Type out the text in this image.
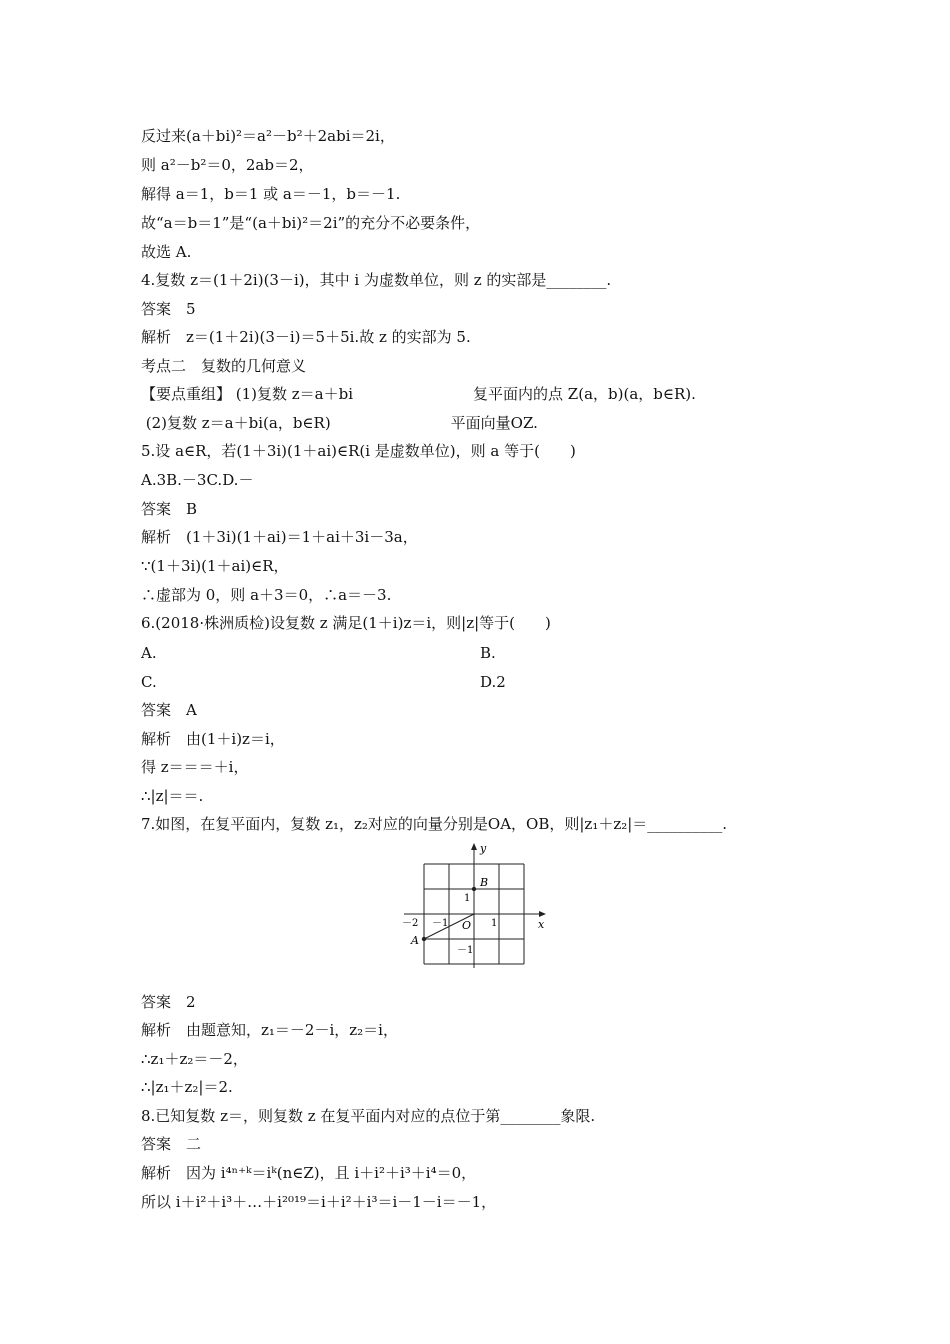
反过来(a＋bi)²＝a²－b²＋2abi＝2i，
则 a²－b²＝0，2ab＝2，
解得 a＝1，b＝1 或 a＝－1，b＝－1.
故“a＝b＝1”是“(a＋bi)²＝2i”的充分不必要条件，
故选 A.
4.复数 z＝(1＋2i)(3－i)，其中 i 为虚数单位，则 z 的实部是________.
答案　5
解析　z＝(1＋2i)(3－i)＝5＋5i.故 z 的实部为 5.
考点二　复数的几何意义
【要点重组】 (1)复数 z＝a＋bi　　　　　　　　复平面内的点 Z(a，b)(a，b∈R).
(2)复数 z＝a＋bi(a，b∈R)　　　　　　　　平面向量OZ.
5.设 a∈R，若(1＋3i)(1＋ai)∈R(i 是虚数单位)，则 a 等于(　　)
A.3B.－3C.D.－
答案　B
解析　(1＋3i)(1＋ai)＝1＋ai＋3i－3a，
∵(1＋3i)(1＋ai)∈R，
∴虚部为 0，则 a＋3＝0，∴a＝－3.
6.(2018·株洲质检)设复数 z 满足(1＋i)z＝i，则|z|等于(　　)
A.	B.
C.	D.2
答案　A
解析　由(1＋i)z＝i，
得 z＝＝＝＋i，
∴|z|＝＝.
7.如图，在复平面内，复数 z₁，z₂对应的向量分别是OA，OB，则|z₁＋z₂|＝__________.
y
x
O
A
B
－2 －1	1
1
－1
答案　2
解析　由题意知，z₁＝－2－i，z₂＝i，
∴z₁＋z₂＝－2，
∴|z₁＋z₂|＝2.
8.已知复数 z＝，则复数 z 在复平面内对应的点位于第________象限.
答案　二
解析　因为 i⁴ⁿ⁺ᵏ＝iᵏ(n∈Z)，且 i＋i²＋i³＋i⁴＝0，
所以 i＋i²＋i³＋…＋i²⁰¹⁹＝i＋i²＋i³＝i－1－i＝－1，
